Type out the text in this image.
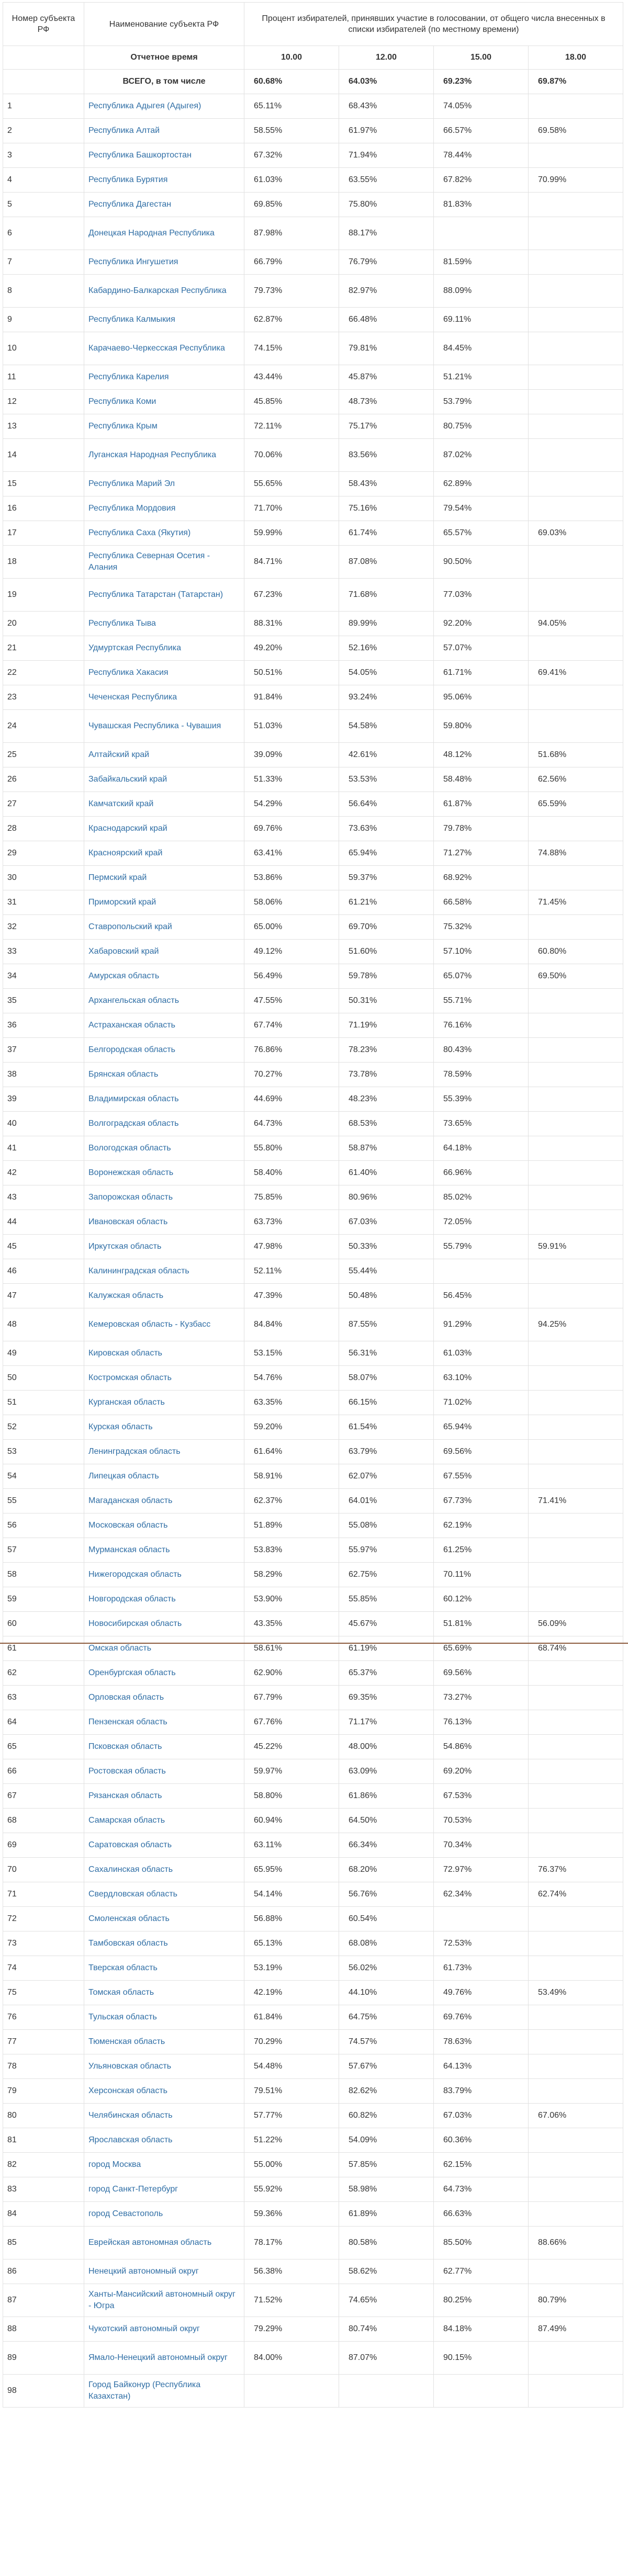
Номер субъекта РФ	Наименование субъекта РФ	Процент избирателей, принявших участие в голосовании, от общего числа внесенных в списки избирателей (по местному времени)			
	Отчетное время	10.00	12.00	15.00	18.00
	ВСЕГО, в том числе	60.68%	64.03%	69.23%	69.87%
1	Республика Адыгея (Адыгея)	65.11%	68.43%	74.05%	
2	Республика Алтай	58.55%	61.97%	66.57%	69.58%
3	Республика Башкортостан	67.32%	71.94%	78.44%	
4	Республика Бурятия	61.03%	63.55%	67.82%	70.99%
5	Республика Дагестан	69.85%	75.80%	81.83%	
6	Донецкая Народная Республика	87.98%	88.17%		
7	Республика Ингушетия	66.79%	76.79%	81.59%	
8	Кабардино-Балкарская Республика	79.73%	82.97%	88.09%	
9	Республика Калмыкия	62.87%	66.48%	69.11%	
10	Карачаево-Черкесская Республика	74.15%	79.81%	84.45%	
11	Республика Карелия	43.44%	45.87%	51.21%	
12	Республика Коми	45.85%	48.73%	53.79%	
13	Республика Крым	72.11%	75.17%	80.75%	
14	Луганская Народная Республика	70.06%	83.56%	87.02%	
15	Республика Марий Эл	55.65%	58.43%	62.89%	
16	Республика Мордовия	71.70%	75.16%	79.54%	
17	Республика Саха (Якутия)	59.99%	61.74%	65.57%	69.03%
18	Республика Северная Осетия - Алания	84.71%	87.08%	90.50%	
19	Республика Татарстан (Татарстан)	67.23%	71.68%	77.03%	
20	Республика Тыва	88.31%	89.99%	92.20%	94.05%
21	Удмуртская Республика	49.20%	52.16%	57.07%	
22	Республика Хакасия	50.51%	54.05%	61.71%	69.41%
23	Чеченская Республика	91.84%	93.24%	95.06%	
24	Чувашская Республика - Чувашия	51.03%	54.58%	59.80%	
25	Алтайский край	39.09%	42.61%	48.12%	51.68%
26	Забайкальский край	51.33%	53.53%	58.48%	62.56%
27	Камчатский край	54.29%	56.64%	61.87%	65.59%
28	Краснодарский край	69.76%	73.63%	79.78%	
29	Красноярский край	63.41%	65.94%	71.27%	74.88%
30	Пермский край	53.86%	59.37%	68.92%	
31	Приморский край	58.06%	61.21%	66.58%	71.45%
32	Ставропольский край	65.00%	69.70%	75.32%	
33	Хабаровский край	49.12%	51.60%	57.10%	60.80%
34	Амурская область	56.49%	59.78%	65.07%	69.50%
35	Архангельская область	47.55%	50.31%	55.71%	
36	Астраханская область	67.74%	71.19%	76.16%	
37	Белгородская область	76.86%	78.23%	80.43%	
38	Брянская область	70.27%	73.78%	78.59%	
39	Владимирская область	44.69%	48.23%	55.39%	
40	Волгоградская область	64.73%	68.53%	73.65%	
41	Вологодская область	55.80%	58.87%	64.18%	
42	Воронежская область	58.40%	61.40%	66.96%	
43	Запорожская область	75.85%	80.96%	85.02%	
44	Ивановская область	63.73%	67.03%	72.05%	
45	Иркутская область	47.98%	50.33%	55.79%	59.91%
46	Калининградская область	52.11%	55.44%		
47	Калужская область	47.39%	50.48%	56.45%	
48	Кемеровская область - Кузбасс	84.84%	87.55%	91.29%	94.25%
49	Кировская область	53.15%	56.31%	61.03%	
50	Костромская область	54.76%	58.07%	63.10%	
51	Курганская область	63.35%	66.15%	71.02%	
52	Курская область	59.20%	61.54%	65.94%	
53	Ленинградская область	61.64%	63.79%	69.56%	
54	Липецкая область	58.91%	62.07%	67.55%	
55	Магаданская область	62.37%	64.01%	67.73%	71.41%
56	Московская область	51.89%	55.08%	62.19%	
57	Мурманская область	53.83%	55.97%	61.25%	
58	Нижегородская область	58.29%	62.75%	70.11%	
59	Новгородская область	53.90%	55.85%	60.12%	
60	Новосибирская область	43.35%	45.67%	51.81%	56.09%
61	Омская область	58.61%	61.19%	65.69%	68.74%
62	Оренбургская область	62.90%	65.37%	69.56%	
63	Орловская область	67.79%	69.35%	73.27%	
64	Пензенская область	67.76%	71.17%	76.13%	
65	Псковская область	45.22%	48.00%	54.86%	
66	Ростовская область	59.97%	63.09%	69.20%	
67	Рязанская область	58.80%	61.86%	67.53%	
68	Самарская область	60.94%	64.50%	70.53%	
69	Саратовская область	63.11%	66.34%	70.34%	
70	Сахалинская область	65.95%	68.20%	72.97%	76.37%
71	Свердловская область	54.14%	56.76%	62.34%	62.74%
72	Смоленская область	56.88%	60.54%		
73	Тамбовская область	65.13%	68.08%	72.53%	
74	Тверская область	53.19%	56.02%	61.73%	
75	Томская область	42.19%	44.10%	49.76%	53.49%
76	Тульская область	61.84%	64.75%	69.76%	
77	Тюменская область	70.29%	74.57%	78.63%	
78	Ульяновская область	54.48%	57.67%	64.13%	
79	Херсонская область	79.51%	82.62%	83.79%	
80	Челябинская область	57.77%	60.82%	67.03%	67.06%
81	Ярославская область	51.22%	54.09%	60.36%	
82	город Москва	55.00%	57.85%	62.15%	
83	город Санкт-Петербург	55.92%	58.98%	64.73%	
84	город Севастополь	59.36%	61.89%	66.63%	
85	Еврейская автономная область	78.17%	80.58%	85.50%	88.66%
86	Ненецкий автономный округ	56.38%	58.62%	62.77%	
87	Ханты-Мансийский автономный округ - Югра	71.52%	74.65%	80.25%	80.79%
88	Чукотский автономный округ	79.29%	80.74%	84.18%	87.49%
89	Ямало-Ненецкий автономный округ	84.00%	87.07%	90.15%	
98	Город Байконур (Республика Казахстан)				
